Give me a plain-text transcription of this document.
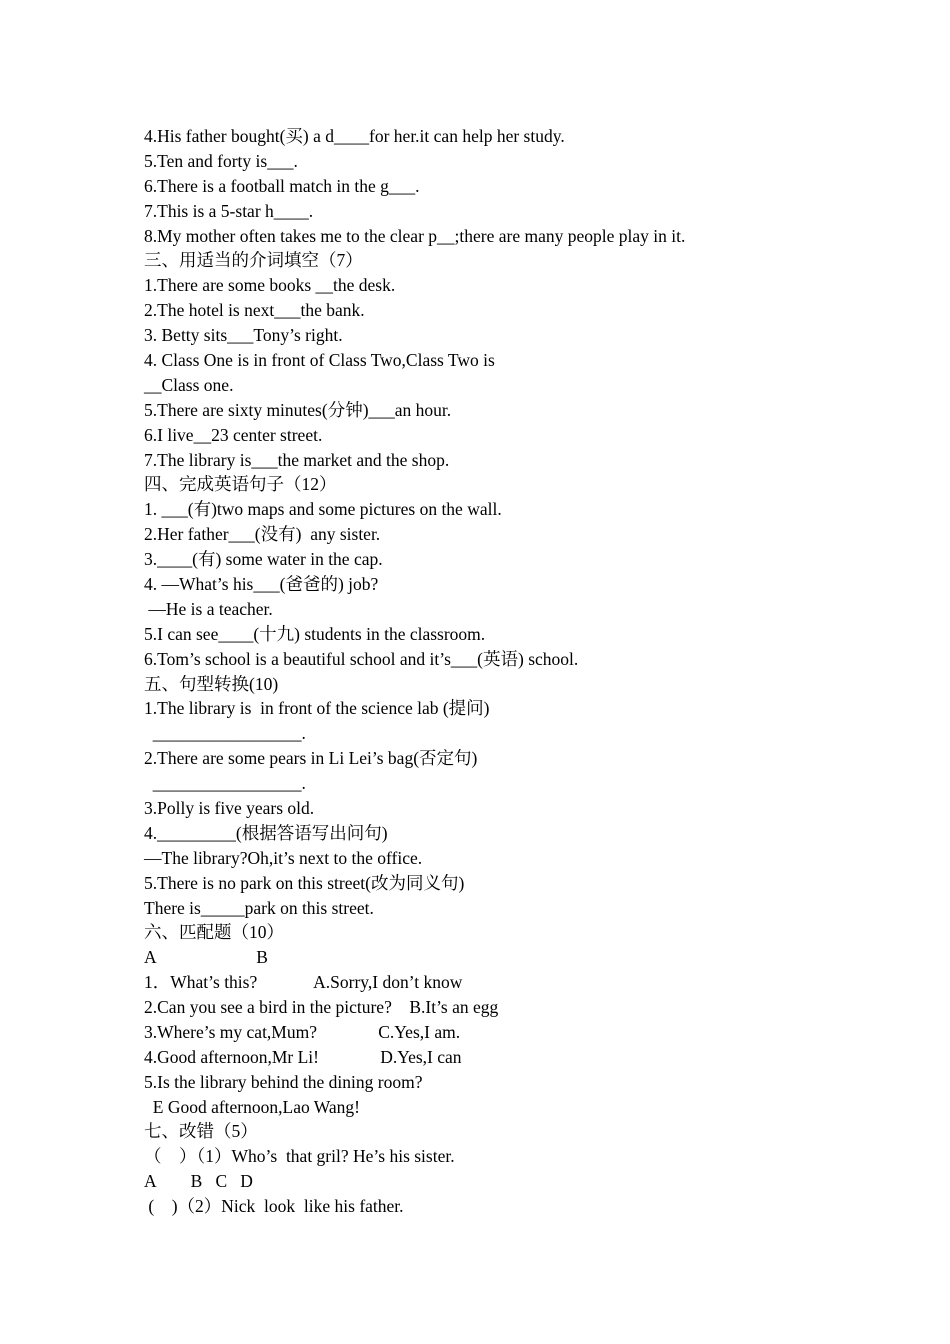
4.His father bought(买) a d____for her.it can help her study.
5.Ten and forty is___.
6.There is a football match in the g___.
7.This is a 5-star h____.
8.My mother often takes me to the clear p__;there are many people play in it.
三、用适当的介词填空（7）
1.There are some books __the desk.
2.The hotel is next___the bank.
3. Betty sits___Tony’s right.
4. Class One is in front of Class Two,Class Two is
__Class one.
5.There are sixty minutes(分钟)___an hour.
6.I live__23 center street.
7.The library is___the market and the shop.
四、完成英语句子（12）
1. ___(有)two maps and some pictures on the wall.
2.Her father___(没有)  any sister.
3.____(有) some water in the cap.
4. —What’s his___(爸爸的) job?
—He is a teacher.
5.I can see____(十九) students in the classroom.
6.Tom’s school is a beautiful school and it’s___(英语) school.
五、句型转换(10)
1.The library is  in front of the science lab (提问)
_________________.
2.There are some pears in Li Lei’s bag(否定句)
_________________.
3.Polly is five years old.
4._________(根据答语写出问句)
—The library?Oh,it’s next to the office.
5.There is no park on this street(改为同义句)
There is_____park on this street.
六、匹配题（10）
A                       B
1．What’s this?             A.Sorry,I don’t know
2.Can you see a bird in the picture?    B.It’s an egg
3.Where’s my cat,Mum?              C.Yes,I am.
4.Good afternoon,Mr Li!              D.Yes,I can
5.Is the library behind the dining room?
E Good afternoon,Lao Wang!
七、改错（5）
（    ）（1）Who’s  that gril? He’s his sister.
A        B   C   D
(    )（2）Nick  look  like his father.
